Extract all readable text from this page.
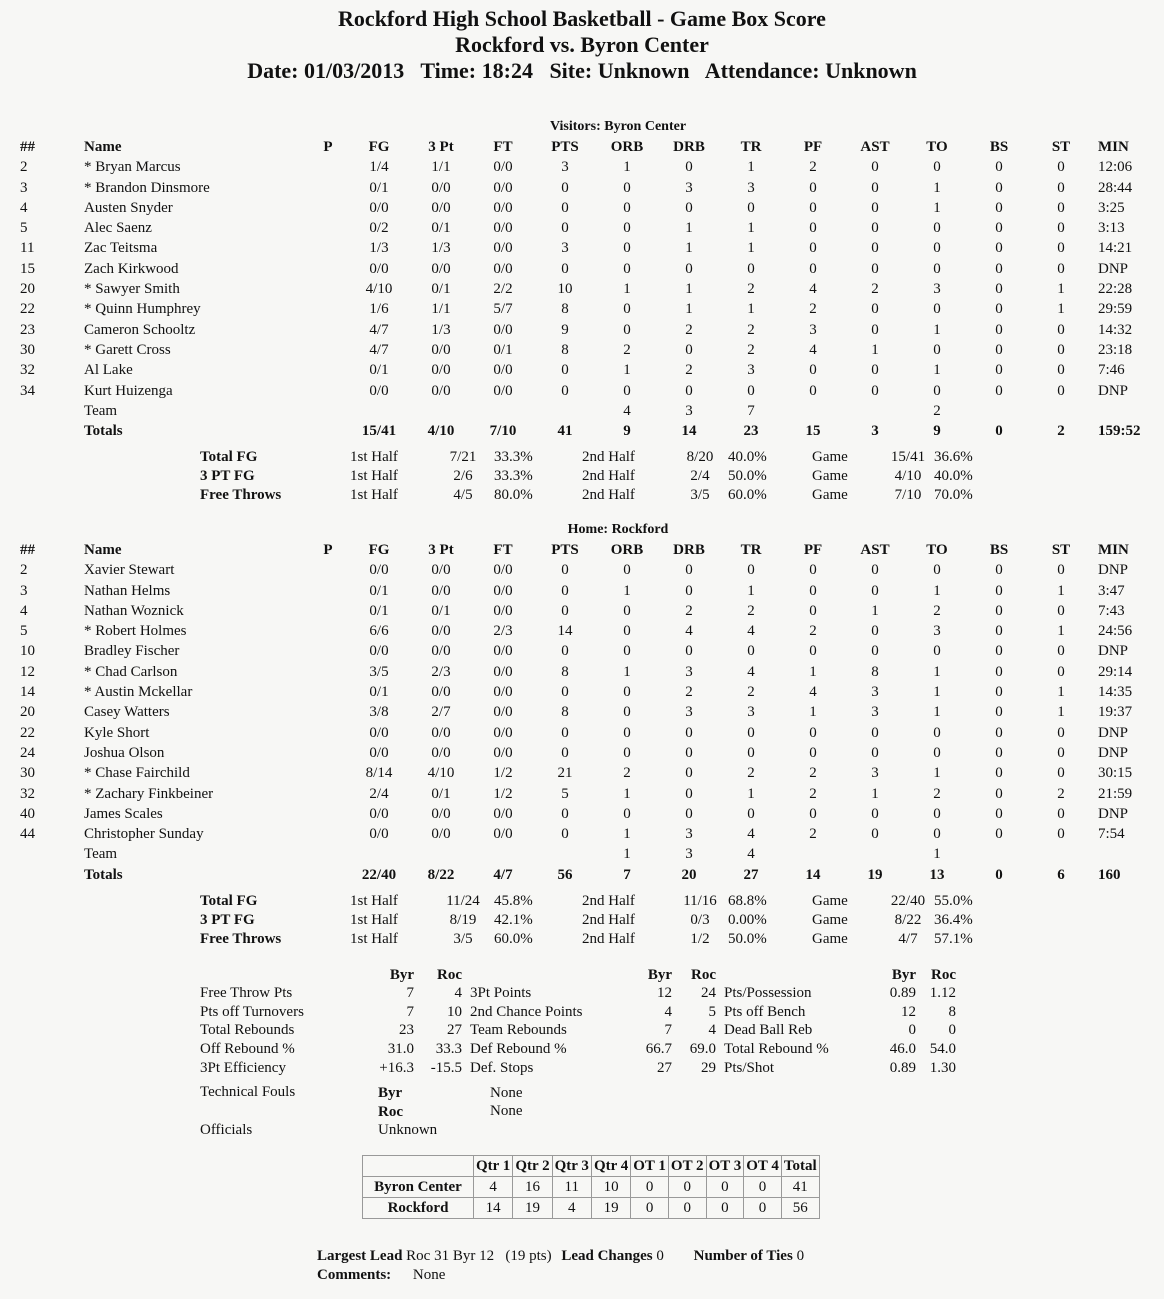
Rockford High School Basketball - Game Box Score
Rockford vs. Byron Center
Date: 01/03/2013   Time: 18:24   Site: Unknown   Attendance: Unknown
Visitors: Byron Center
##	Name	P	FG	3 Pt	FT	PTS	ORB	DRB	TR	PF	AST	TO	BS	ST	MIN
2	* Bryan Marcus		1/4	1/1	0/0	3	1	0	1	2	0	0	0	0	12:06
3	* Brandon Dinsmore		0/1	0/0	0/0	0	0	3	3	0	0	1	0	0	28:44
4	Austen Snyder		0/0	0/0	0/0	0	0	0	0	0	0	1	0	0	3:25
5	Alec Saenz		0/2	0/1	0/0	0	0	1	1	0	0	0	0	0	3:13
11	Zac Teitsma		1/3	1/3	0/0	3	0	1	1	0	0	0	0	0	14:21
15	Zach Kirkwood		0/0	0/0	0/0	0	0	0	0	0	0	0	0	0	DNP
20	* Sawyer Smith		4/10	0/1	2/2	10	1	1	2	4	2	3	0	1	22:28
22	* Quinn Humphrey		1/6	1/1	5/7	8	0	1	1	2	0	0	0	1	29:59
23	Cameron Schooltz		4/7	1/3	0/0	9	0	2	2	3	0	1	0	0	14:32
30	* Garett Cross		4/7	0/0	0/1	8	2	0	2	4	1	0	0	0	23:18
32	Al Lake		0/1	0/0	0/0	0	1	2	3	0	0	1	0	0	7:46
34	Kurt Huizenga		0/0	0/0	0/0	0	0	0	0	0	0	0	0	0	DNP
	Team						4	3	7			2			
	Totals		15/41	4/10	7/10	41	9	14	23	15	3	9	0	2	159:52
Total FG	1st Half	7/21	33.3%	2nd Half	8/20	40.0%	Game	15/41	36.6%
3 PT FG	1st Half	2/6	33.3%	2nd Half	2/4	50.0%	Game	4/10	40.0%
Free Throws	1st Half	4/5	80.0%	2nd Half	3/5	60.0%	Game	7/10	70.0%
Home: Rockford
##	Name	P	FG	3 Pt	FT	PTS	ORB	DRB	TR	PF	AST	TO	BS	ST	MIN
2	Xavier Stewart		0/0	0/0	0/0	0	0	0	0	0	0	0	0	0	DNP
3	Nathan Helms		0/1	0/0	0/0	0	1	0	1	0	0	1	0	1	3:47
4	Nathan Woznick		0/1	0/1	0/0	0	0	2	2	0	1	2	0	0	7:43
5	* Robert Holmes		6/6	0/0	2/3	14	0	4	4	2	0	3	0	1	24:56
10	Bradley Fischer		0/0	0/0	0/0	0	0	0	0	0	0	0	0	0	DNP
12	* Chad Carlson		3/5	2/3	0/0	8	1	3	4	1	8	1	0	0	29:14
14	* Austin Mckellar		0/1	0/0	0/0	0	0	2	2	4	3	1	0	1	14:35
20	Casey Watters		3/8	2/7	0/0	8	0	3	3	1	3	1	0	1	19:37
22	Kyle Short		0/0	0/0	0/0	0	0	0	0	0	0	0	0	0	DNP
24	Joshua Olson		0/0	0/0	0/0	0	0	0	0	0	0	0	0	0	DNP
30	* Chase Fairchild		8/14	4/10	1/2	21	2	0	2	2	3	1	0	0	30:15
32	* Zachary Finkbeiner		2/4	0/1	1/2	5	1	0	1	2	1	2	0	2	21:59
40	James Scales		0/0	0/0	0/0	0	0	0	0	0	0	0	0	0	DNP
44	Christopher Sunday		0/0	0/0	0/0	0	1	3	4	2	0	0	0	0	7:54
	Team						1	3	4			1			
	Totals		22/40	8/22	4/7	56	7	20	27	14	19	13	0	6	160
Total FG	1st Half	11/24	45.8%	2nd Half	11/16	68.8%	Game	22/40	55.0%
3 PT FG	1st Half	8/19	42.1%	2nd Half	0/3	0.00%	Game	8/22	36.4%
Free Throws	1st Half	3/5	60.0%	2nd Half	1/2	50.0%	Game	4/7	57.1%
	Byr	Roc		Byr	Roc		Byr	Roc
Free Throw Pts	7	4	3Pt Points	12	24	Pts/Possession	0.89	1.12
Pts off Turnovers	7	10	2nd Chance Points	4	5	Pts off Bench	12	8
Total Rebounds	23	27	Team Rebounds	7	4	Dead Ball Reb	0	0
Off Rebound %	31.0	33.3	Def Rebound %	66.7	69.0	Total Rebound %	46.0	54.0
3Pt Efficiency	+16.3	-15.5	Def. Stops	27	29	Pts/Shot	0.89	1.30
Technical Fouls	Byr	None
Roc	None
Officials	Unknown
	Qtr 1	Qtr 2	Qtr 3	Qtr 4	OT 1	OT 2	OT 3	OT 4	Total
Byron Center	4	16	11	10	0	0	0	0	41
Rockford	14	19	4	19	0	0	0	0	56
Largest Lead Roc 31 Byr 12   (19 pts) Lead Changes 0 Number of Ties 0
Comments: None
